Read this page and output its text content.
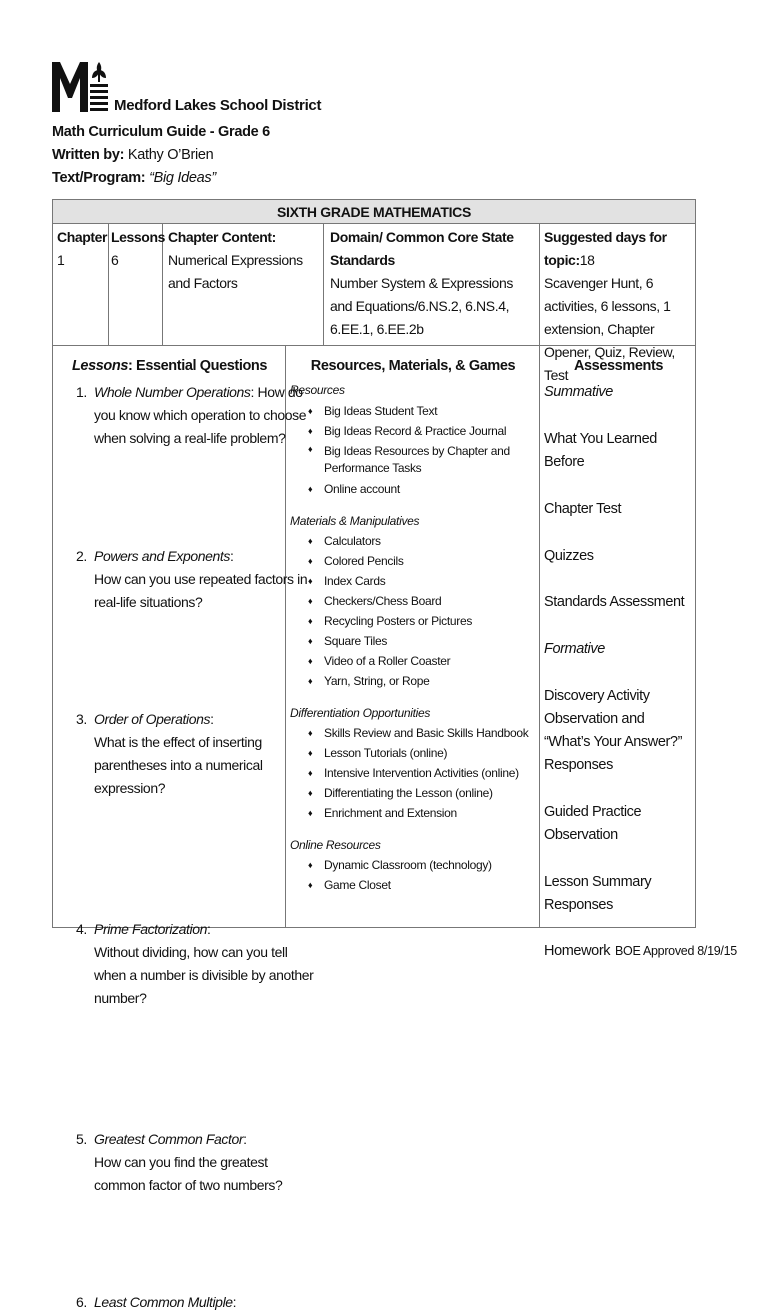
Medford Lakes School District
Math Curriculum Guide - Grade 6
Written by: Kathy O’Brien
Text/Program: “Big Ideas”
SIXTH GRADE MATHEMATICS
Chapter
1
Lessons
6
Chapter Content:
Numerical Expressions and Factors
Domain/ Common Core State Standards
Number System & Expressions and Equations/6.NS.2, 6.NS.4, 6.EE.1, 6.EE.2b
Suggested days for topic:18
Scavenger Hunt, 6 activities, 6 lessons, 1 extension, Chapter Opener, Quiz, Review, Test
Lessons: Essential Questions	Resources, Materials, & Games	Assessments
1. Whole Number Operations: How do you know which operation to choose when solving a real-life problem?
2. Powers and Exponents:
How can you use repeated factors in real-life situations?
3. Order of Operations:
What is the effect of inserting parentheses into a numerical expression?
4. Prime Factorization:
Without dividing, how can you tell when a number is divisible by another number?
5. Greatest Common Factor:
How can you find the greatest common factor of two numbers?
6. Least Common Multiple:
Resources
♦ Big Ideas Student Text
♦ Big Ideas Record & Practice Journal
♦ Big Ideas Resources by Chapter and Performance Tasks
♦ Online account
Materials & Manipulatives
♦ Calculators
♦ Colored Pencils
♦ Index Cards
♦ Checkers/Chess Board
♦ Recycling Posters or Pictures
♦ Square Tiles
♦ Video of a Roller Coaster
♦ Yarn, String, or Rope
Differentiation Opportunities
♦ Skills Review and Basic Skills Handbook
♦ Lesson Tutorials (online)
♦ Intensive Intervention Activities (online)
♦ Differentiating the Lesson (online)
♦ Enrichment and Extension
Online Resources
♦ Dynamic Classroom (technology)
♦ Game Closet
Summative
What You Learned Before
Chapter Test
Quizzes
Standards Assessment
Formative
Discovery Activity Observation and “What’s Your Answer?” Responses
Guided Practice Observation
Lesson Summary Responses
Homework BOE Approved 8/19/15
